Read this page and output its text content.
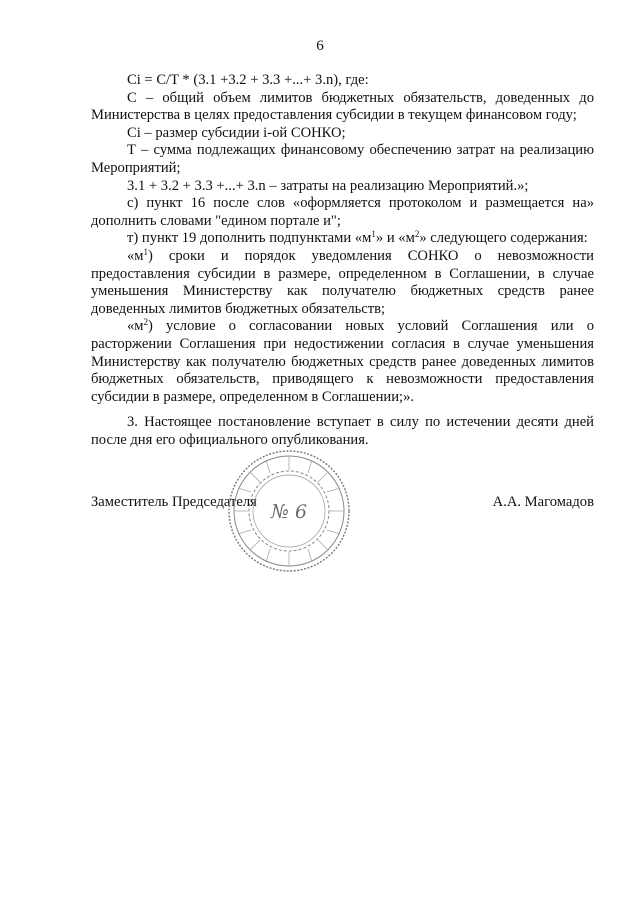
6

Ci = C/T * (3.1 +3.2 + 3.3 +...+ 3.n), где:

С – общий объем лимитов бюджетных обязательств, доведенных до Министерства в целях предоставления субсидии в текущем финансовом году;

Ci – размер субсидии i-ой СОНКО;

Т – сумма подлежащих финансовому обеспечению затрат на реализацию Мероприятий;

3.1 + 3.2 + 3.3 +...+ 3.n – затраты на реализацию Мероприятий.»;

с) пункт 16 после слов «оформляется протоколом и размещается на» дополнить словами "едином портале и";

т) пункт 19 дополнить подпунктами «$м^1$» и «$м^2$» следующего содержания:

«$м^1$) сроки и порядок уведомления СОНКО о невозможности предоставления субсидии в размере, определенном в Соглашении, в случае уменьшения Министерству как получателю бюджетных средств ранее доведенных лимитов бюджетных обязательств;

«$м^2$) условие о согласовании новых условий Соглашения или о расторжении Соглашения при недостижении согласия в случае уменьшения Министерству как получателю бюджетных средств ранее доведенных лимитов бюджетных обязательств, приводящего к невозможности предоставления субсидии в размере, определенном в Соглашении;».

3. Настоящее постановление вступает в силу по истечении десяти дней после дня его официального опубликования.

Заместитель Председателя	А.А. Магомадов
№ 6
